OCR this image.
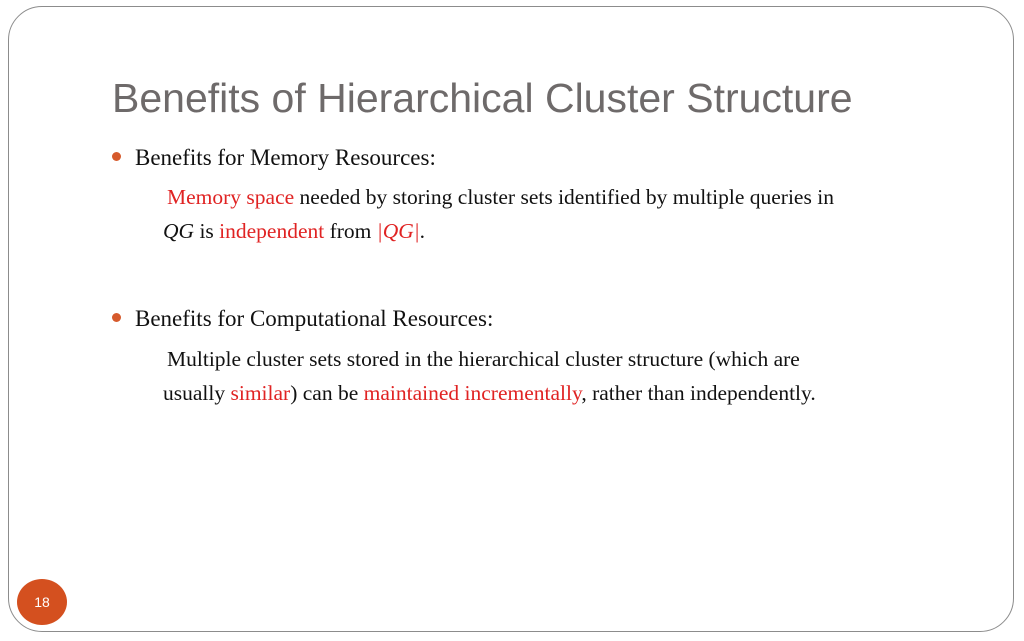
Benefits of Hierarchical Cluster Structure
Benefits for Memory Resources:

Memory space needed by storing cluster sets identified by multiple queries in
QG is independent from |QG|.

Benefits for Computational Resources:

Multiple cluster sets stored in the hierarchical cluster structure (which are
usually similar) can be maintained incrementally, rather than independently.

18
